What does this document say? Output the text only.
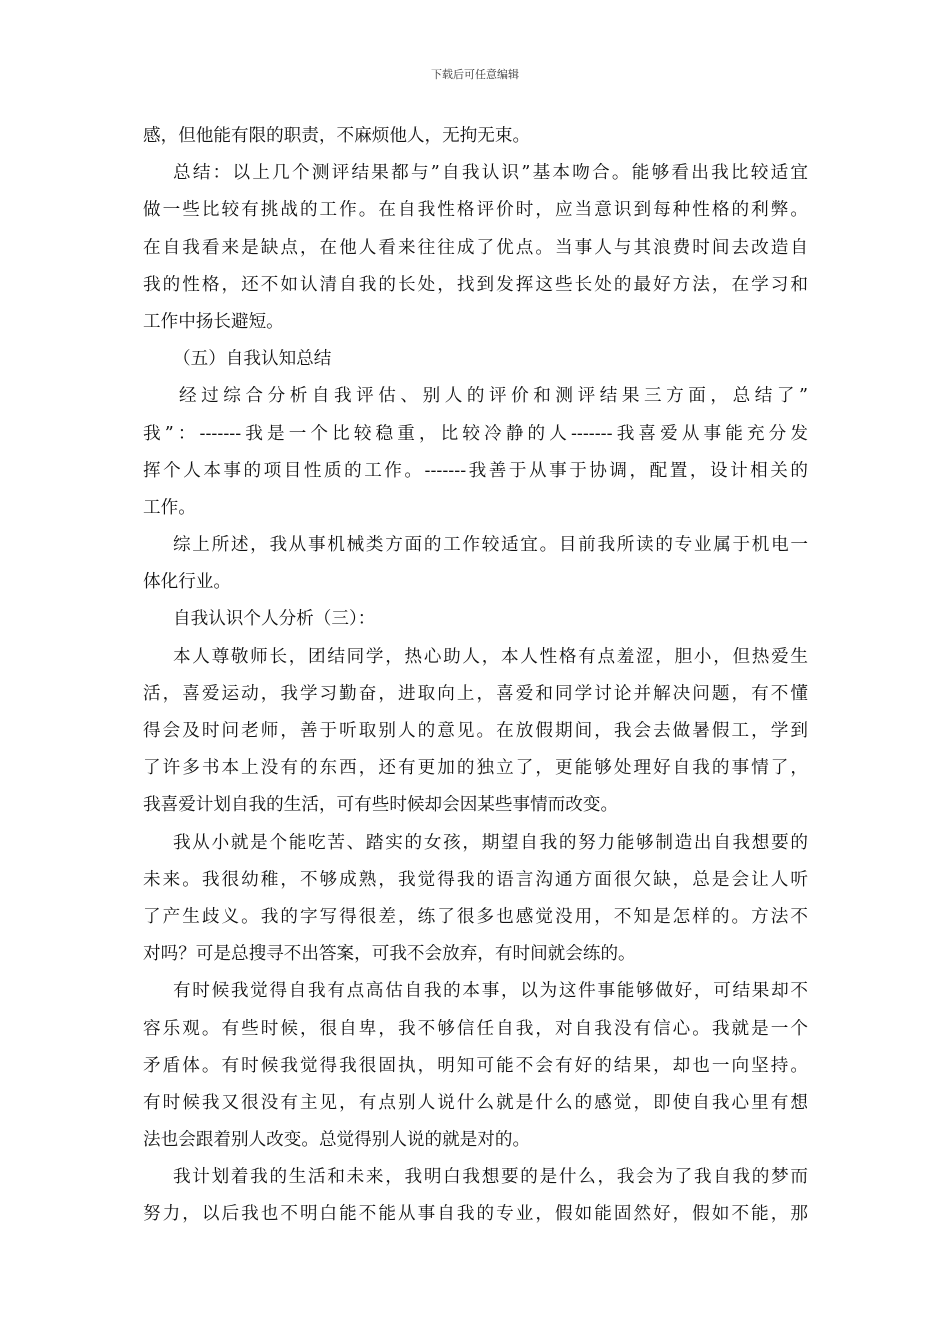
下载后可任意编辑
感，但他能有限的职责，不麻烦他人，无拘无束。
总结：以上几个测评结果都与”自我认识”基本吻合。能够看出我比较适宜
做一些比较有挑战的工作。在自我性格评价时，应当意识到每种性格的利弊。
在自我看来是缺点，在他人看来往往成了优点。当事人与其浪费时间去改造自
我的性格，还不如认清自我的长处，找到发挥这些长处的最好方法，在学习和
工作中扬长避短。
（五）自我认知总结
经过综合分析自我评估、别人的评价和测评结果三方面，总结了”
我”：-------我是一个比较稳重，比较冷静的人-------我喜爱从事能充分发
挥个人本事的项目性质的工作。-------我善于从事于协调，配置，设计相关的
工作。
综上所述，我从事机械类方面的工作较适宜。目前我所读的专业属于机电一
体化行业。
自我认识个人分析（三）：
本人尊敬师长，团结同学，热心助人，本人性格有点羞涩，胆小，但热爱生
活，喜爱运动，我学习勤奋，进取向上，喜爱和同学讨论并解决问题，有不懂
得会及时问老师，善于听取别人的意见。在放假期间，我会去做暑假工，学到
了许多书本上没有的东西，还有更加的独立了，更能够处理好自我的事情了，
我喜爱计划自我的生活，可有些时候却会因某些事情而改变。
我从小就是个能吃苦、踏实的女孩，期望自我的努力能够制造出自我想要的
未来。我很幼稚，不够成熟，我觉得我的语言沟通方面很欠缺，总是会让人听
了产生歧义。我的字写得很差，练了很多也感觉没用，不知是怎样的。方法不
对吗？可是总搜寻不出答案，可我不会放弃，有时间就会练的。
有时候我觉得自我有点高估自我的本事，以为这件事能够做好，可结果却不
容乐观。有些时候，很自卑，我不够信任自我，对自我没有信心。我就是一个
矛盾体。有时候我觉得我很固执，明知可能不会有好的结果，却也一向坚持。
有时候我又很没有主见，有点别人说什么就是什么的感觉，即使自我心里有想
法也会跟着别人改变。总觉得别人说的就是对的。
我计划着我的生活和未来，我明白我想要的是什么，我会为了我自我的梦而
努力，以后我也不明白能不能从事自我的专业，假如能固然好，假如不能，那
